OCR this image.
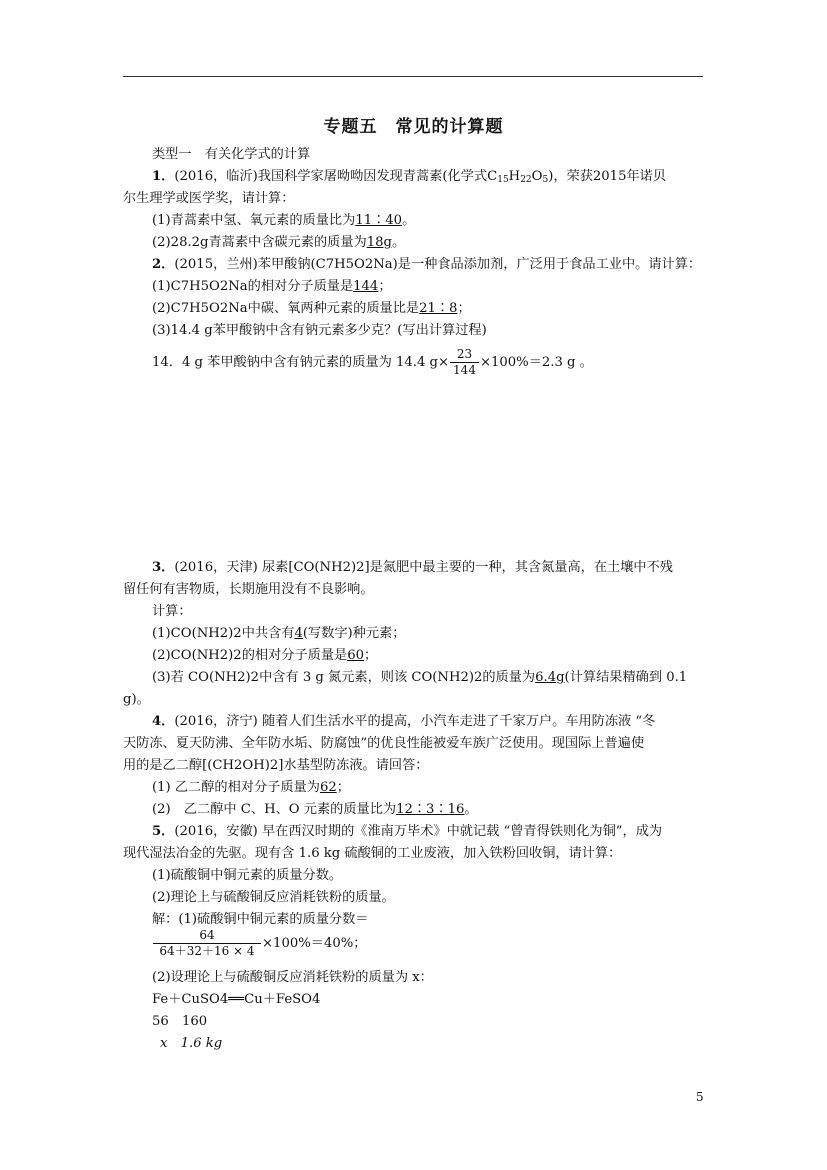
专题五　常见的计算题
类型一　有关化学式的计算
1．(2016，临沂)我国科学家屠呦呦因发现青蒿素(化学式$C_{15}H_{22}O_5$)，荣获2015年诺贝
尔生理学或医学奖，请计算：
(1)青蒿素中氢、氧元素的质量比为11∶40。
(2)28.2g青蒿素中含碳元素的质量为18g。
2．(2015，兰州)苯甲酸钠(C7H5O2Na)是一种食品添加剂，广泛用于食品工业中。请计算：
(1)C7H5O2Na的相对分子质量是144；
(2)C7H5O2Na中碳、氧两种元素的质量比是21∶8；
(3)14.4 g苯甲酸钠中含有钠元素多少克？(写出计算过程)
14．4 g 苯甲酸钠中含有钠元素的质量为 14.4 $g\times \frac{23}{144} \times 100\%=2.3$ g 。
3．(2016，天津) 尿素[CO(NH2)2]是氮肥中最主要的一种，其含氮量高，在土壤中不残
留任何有害物质，长期施用没有不良影响。
计算：
(1)CO(NH2)2中共含有4(写数字)种元素；
(2)CO(NH2)2的相对分子质量是60；
(3)若 CO(NH2)2中含有 3 g 氮元素，则该 CO(NH2)2的质量为6.4g(计算结果精确到 0.1
g)。
4．(2016，济宁) 随着人们生活水平的提高，小汽车走进了千家万户。车用防冻液 “冬
天防冻、夏天防沸、全年防水垢、防腐蚀”的优良性能被爱车族广泛使用。现国际上普遍使
用的是乙二醇[(CH2OH)2]水基型防冻液。请回答：
(1) 乙二醇的相对分子质量为62；
(2)　乙二醇中 C、H、O 元素的质量比为12∶3∶16。
5．(2016，安徽) 早在西汉时期的《淮南万毕术》中就记载 “曾青得铁则化为铜”，成为
现代湿法冶金的先驱。现有含 1.6 kg 硫酸铜的工业废液，加入铁粉回收铜，请计算：
(1)硫酸铜中铜元素的质量分数。
(2)理论上与硫酸铜反应消耗铁粉的质量。
解：(1)硫酸铜中铜元素的质量分数＝
$\frac{64}{64+32+16 \times 4} \times 100\%=40\%$；
(2)设理论上与硫酸铜反应消耗铁粉的质量为 x：
Fe＋CuSO4══Cu＋FeSO4
56　160
x　1.6 kg
5
